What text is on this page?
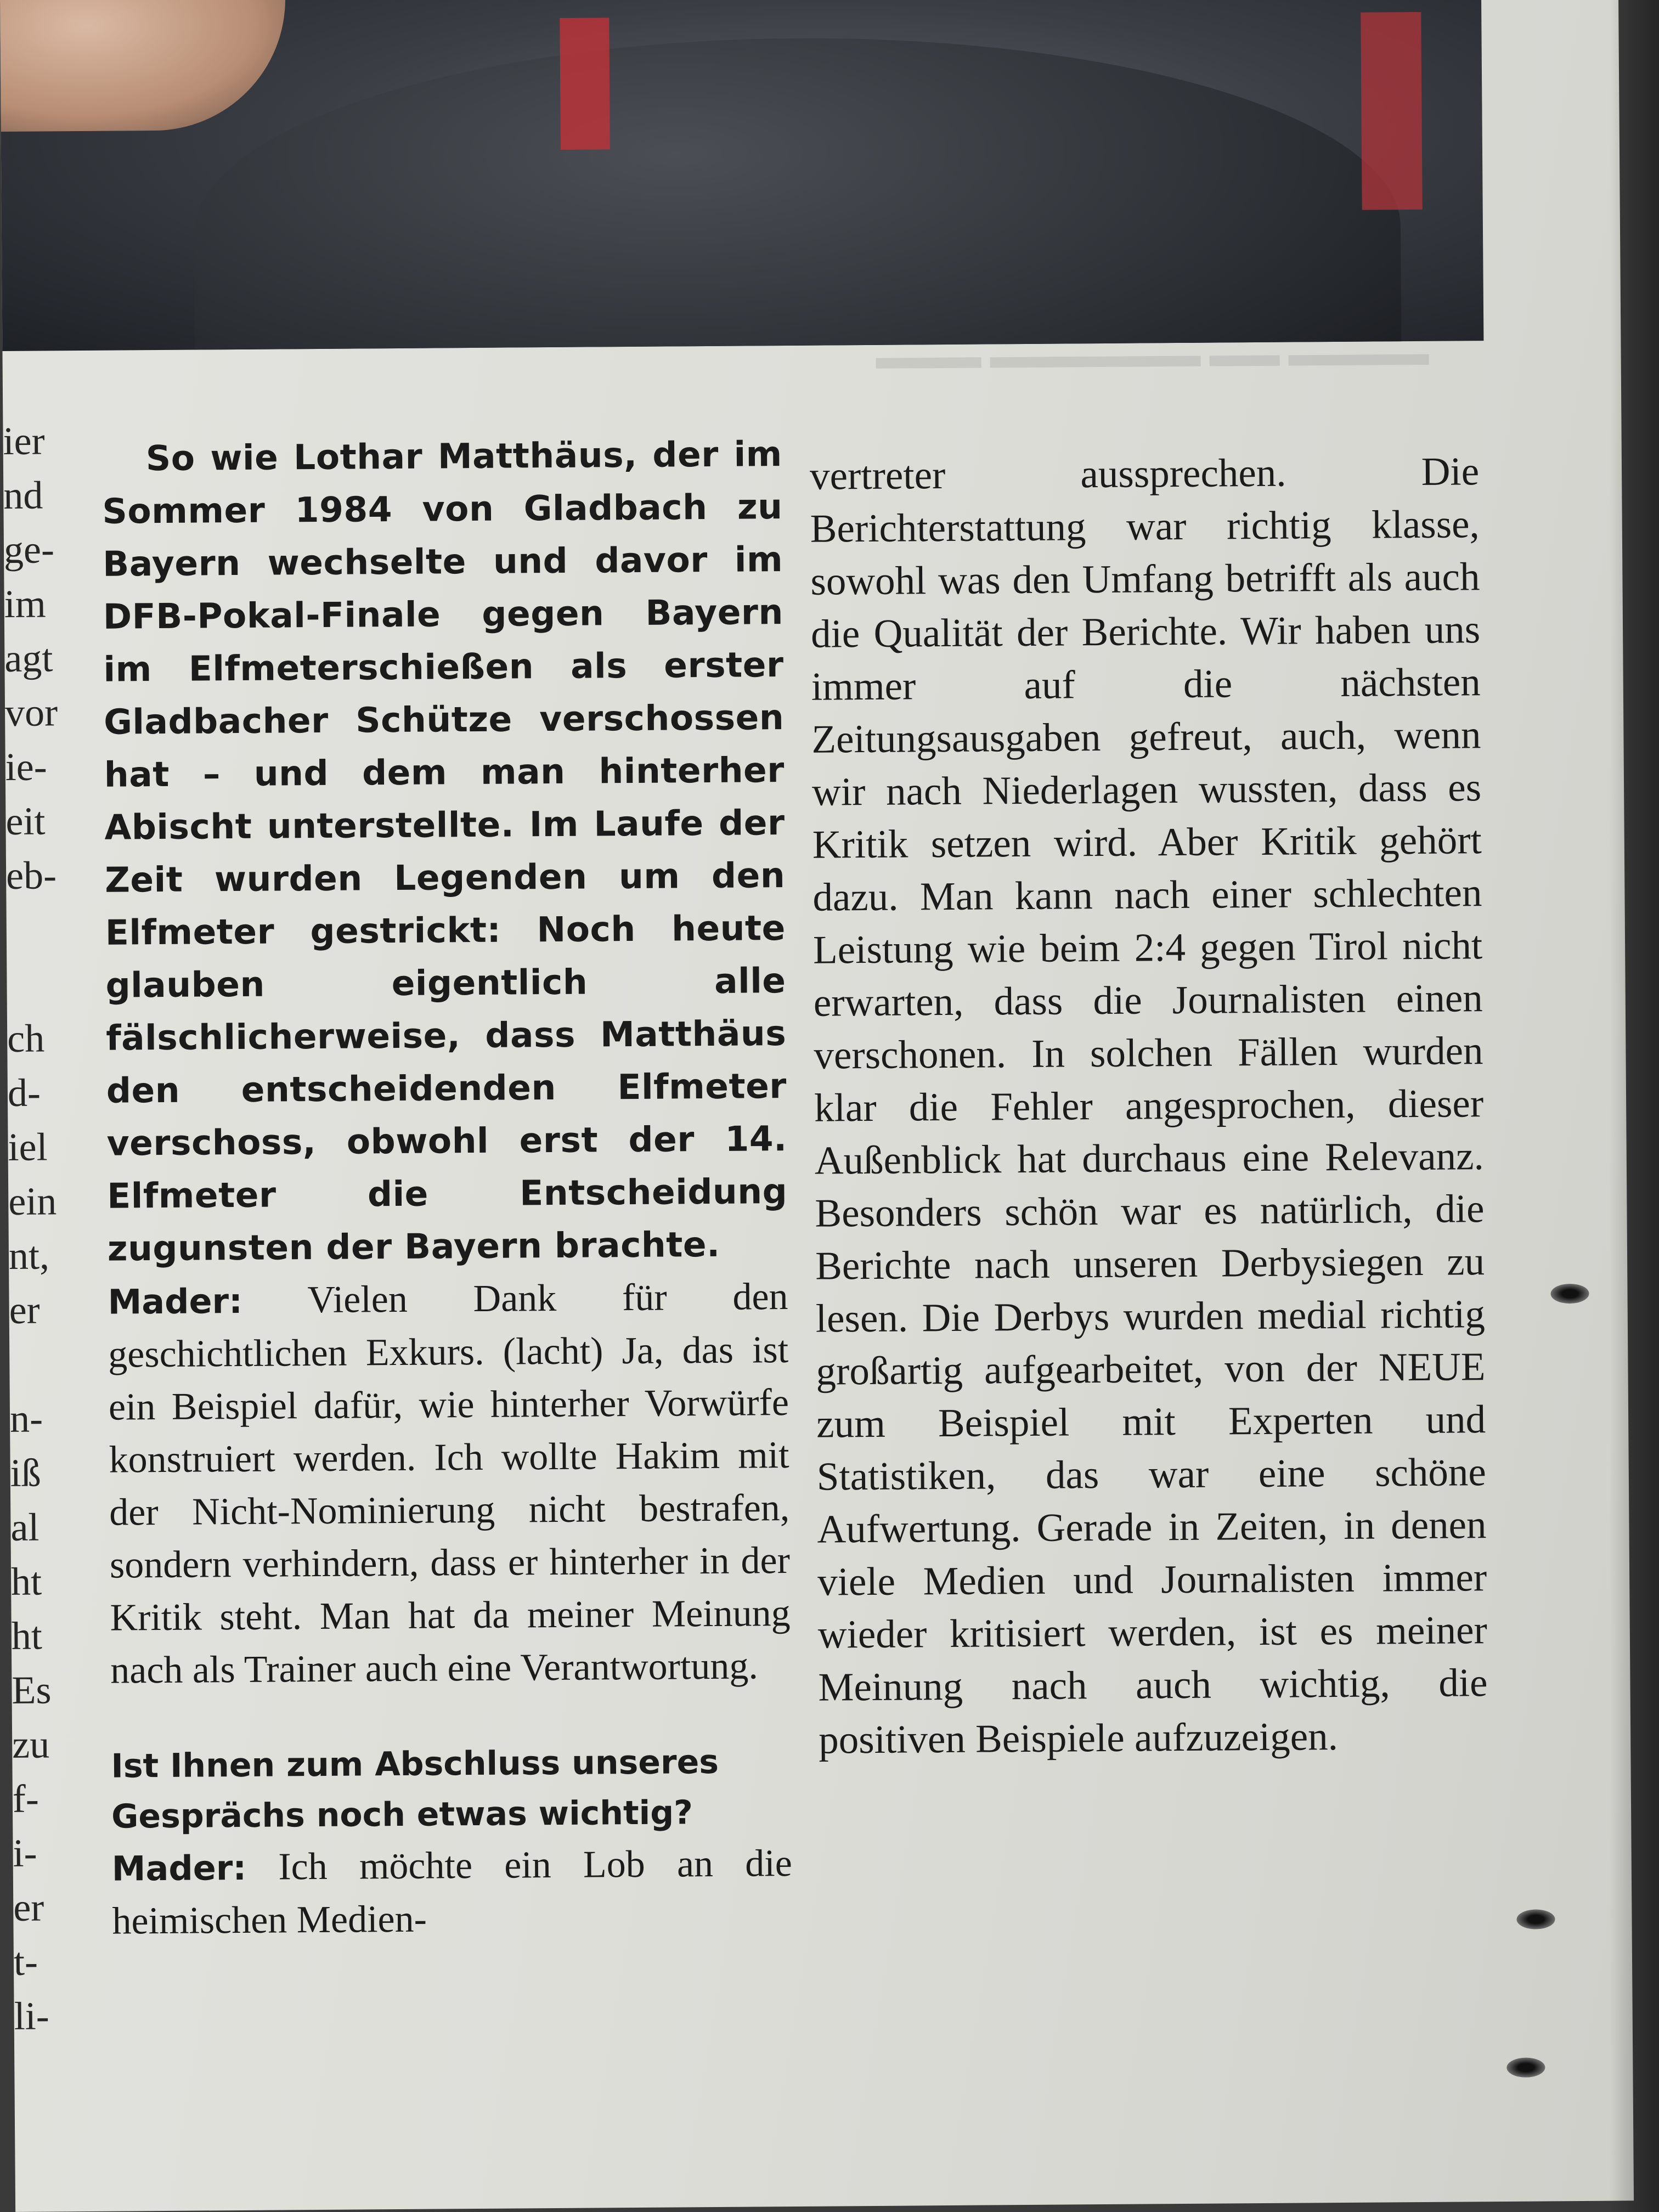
▬▬▬▬ ▬▬ ▬▬▬▬▬▬ ▬▬▬
ier
nd
ge-
im
agt
vor
ie-
eit
eb-
ch
d-
iel
ein
nt,
er
n-
iß
al
ht
ht
Es
zu
f-
i-
er
t-
li-

So wie Lothar Matthäus, der im Sommer 1984 von Gladbach zu Bayern wechselte und davor im DFB-Pokal-Finale gegen Bayern im Elfmeterschießen als erster Gladbacher Schütze verschossen hat – und dem man hinterher Abischt unterstellte. Im Laufe der Zeit wurden Legenden um den Elfmeter gestrickt: Noch heute glauben eigentlich alle fälschlicherweise, dass Matthäus den entscheidenden Elfmeter verschoss, obwohl erst der 14. Elfmeter die Entscheidung zugunsten der Bayern brachte.

Mader: Vielen Dank für den geschichtlichen Exkurs. (lacht) Ja, das ist ein Beispiel dafür, wie hinterher Vorwürfe konstruiert werden. Ich wollte Hakim mit der Nicht-Nominierung nicht bestrafen, sondern verhindern, dass er hinterher in der Kritik steht. Man hat da meiner Meinung nach als Trainer auch eine Verantwortung.

Ist Ihnen zum Abschluss unseres Gesprächs noch etwas wichtig?

Mader: Ich möchte ein Lob an die heimischen Medien-

vertreter aussprechen. Die Berichterstattung war richtig klasse, sowohl was den Umfang betrifft als auch die Qualität der Berichte. Wir haben uns immer auf die nächsten Zeitungsausgaben gefreut, auch, wenn wir nach Niederlagen wussten, dass es Kritik setzen wird. Aber Kritik gehört dazu. Man kann nach einer schlechten Leistung wie beim 2:4 gegen Tirol nicht erwarten, dass die Journalisten einen verschonen. In solchen Fällen wurden klar die Fehler angesprochen, dieser Außenblick hat durchaus eine Relevanz. Besonders schön war es natürlich, die Berichte nach unseren Derbysiegen zu lesen. Die Derbys wurden medial richtig großartig aufgearbeitet, von der NEUE zum Beispiel mit Experten und Statistiken, das war eine schöne Aufwertung. Gerade in Zeiten, in denen viele Medien und Journalisten immer wieder kritisiert werden, ist es meiner Meinung nach auch wichtig, die positiven Beispiele aufzuzeigen.
